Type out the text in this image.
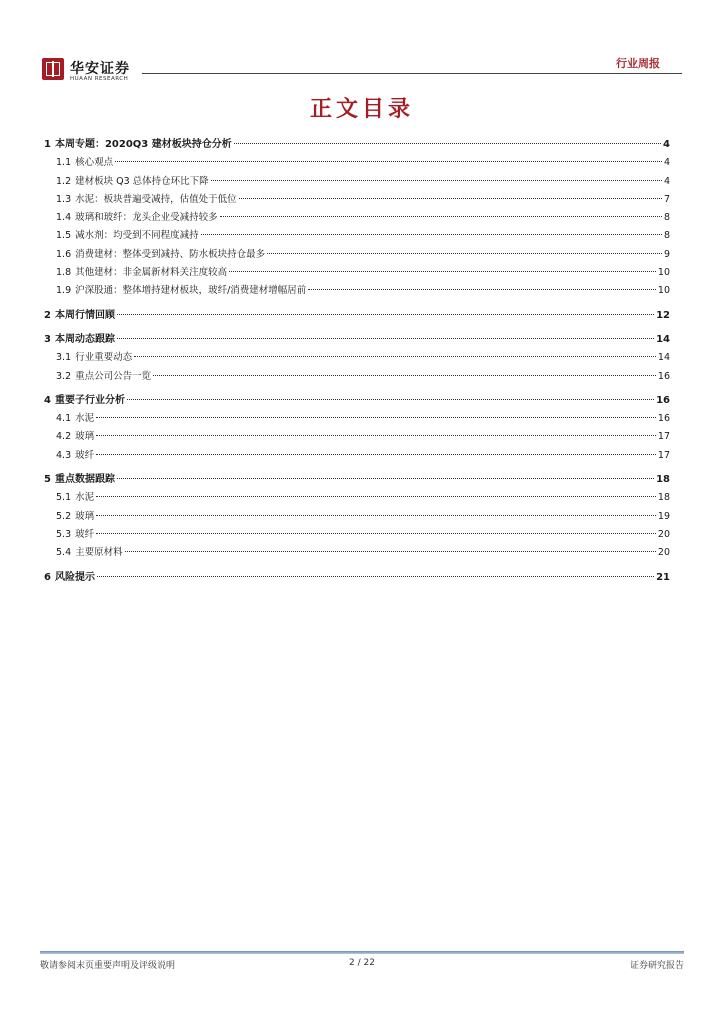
华安证券
HUAAN RESEARCH
行业周报
正文目录
1 本周专题：2020Q3 建材板块持仓分析	4
1.1 核心观点	4
1.2 建材板块 Q3 总体持仓环比下降	4
1.3 水泥：板块普遍受减持，估值处于低位	7
1.4 玻璃和玻纤：龙头企业受减持较多	8
1.5 减水剂：均受到不同程度减持	8
1.6 消费建材：整体受到减持、防水板块持仓最多	9
1.8 其他建材：非金属新材料关注度较高	10
1.9 沪深股通：整体增持建材板块，玻纤/消费建材增幅居前	10
2 本周行情回顾	12
3 本周动态跟踪	14
3.1 行业重要动态	14
3.2 重点公司公告一览	16
4 重要子行业分析	16
4.1 水泥	16
4.2 玻璃	17
4.3 玻纤	17
5 重点数据跟踪	18
5.1 水泥	18
5.2 玻璃	19
5.3 玻纤	20
5.4 主要原材料	20
6 风险提示	21
敬请参阅末页重要声明及评级说明	2 / 22	证券研究报告
